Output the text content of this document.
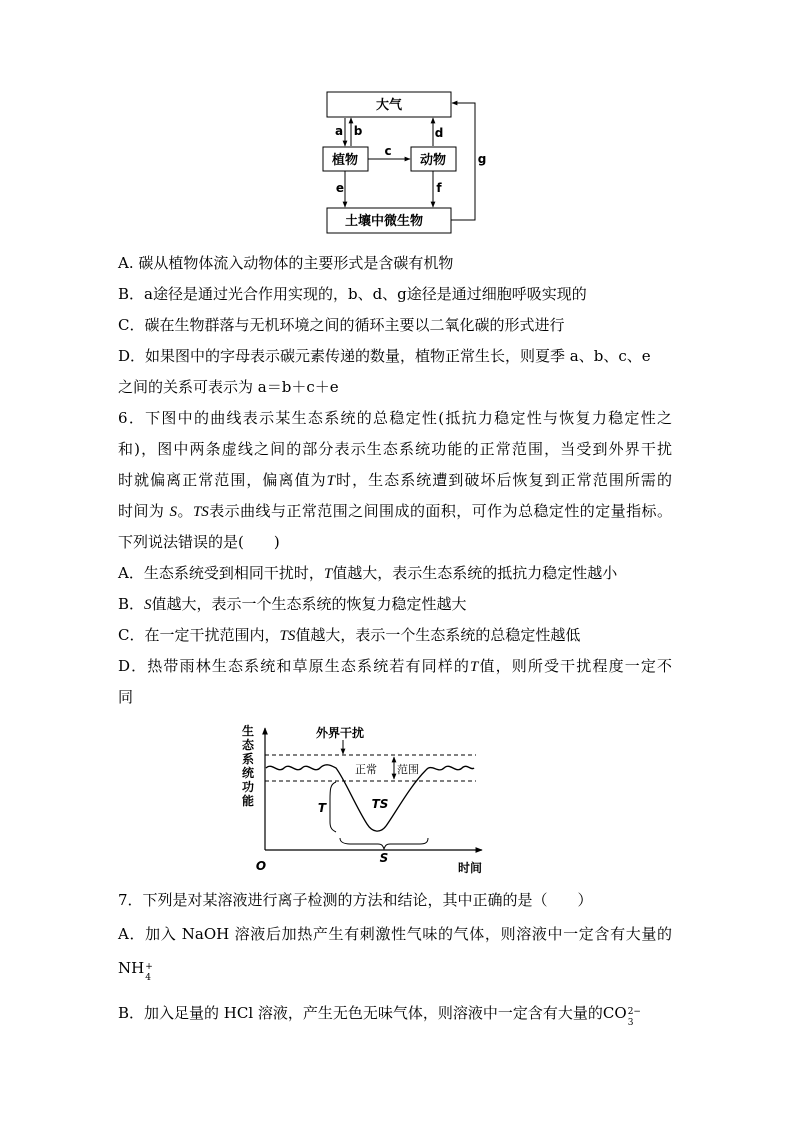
大气
植物	动物
土壤中微生物
a b	d
c
e	f
g
A. 碳从植物体流入动物体的主要形式是含碳有机物
B．a途径是通过光合作用实现的，b、d、g途径是通过细胞呼吸实现的
C．碳在生物群落与无机环境之间的循环主要以二氧化碳的形式进行
D．如果图中的字母表示碳元素传递的数量，植物正常生长，则夏季 a、b、c、e
之间的关系可表示为 a＝b＋c＋e
6．下图中的曲线表示某生态系统的总稳定性(抵抗力稳定性与恢复力稳定性之
和)，图中两条虚线之间的部分表示生态系统功能的正常范围，当受到外界干扰
时就偏离正常范围，偏离值为T时，生态系统遭到破坏后恢复到正常范围所需的
时间为 S。TS表示曲线与正常范围之间围成的面积，可作为总稳定性的定量指标。
下列说法错误的是(　　)
A．生态系统受到相同干扰时，T值越大，表示生态系统的抵抗力稳定性越小
B．S值越大，表示一个生态系统的恢复力稳定性越大
C．在一定干扰范围内，TS值越大，表示一个生态系统的总稳定性越低
D．热带雨林生态系统和草原生态系统若有同样的T值，则所受干扰程度一定不
同
生
态
系
统
功
能
O	时间
外界干扰
正常 范围
T	TS
S
7．下列是对某溶液进行离子检测的方法和结论，其中正确的是（　　）
A．加入 NaOH 溶液后加热产生有刺激性气味的气体，则溶液中一定含有大量的
NH +
4
B．加入足量的 HCl 溶液，产生无色无味气体，则溶液中一定含有大量的CO 2−
3
